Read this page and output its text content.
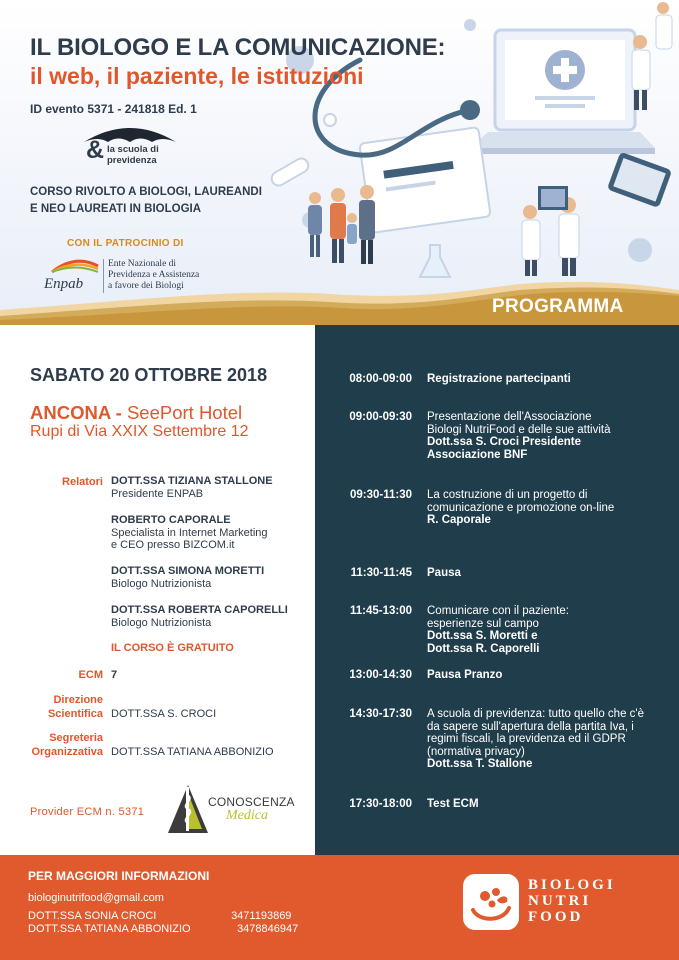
IL BIOLOGO E LA COMUNICAZIONE:
il web, il paziente, le istituzioni
ID evento 5371 - 241818 Ed. 1
& la scuola di previdenza
CORSO RIVOLTO A BIOLOGI, LAUREANDI
E NEO LAUREATI IN BIOLOGIA
CON IL PATROCINIO DI
Enpab
Ente Nazionale di
Previdenza e Assistenza
a favore dei Biologi
PROGRAMMA
SABATO 20 OTTOBRE 2018
ANCONA - SeePort Hotel
Rupi di Via XXIX Settembre 12
Relatori DOTT.SSA TIZIANA STALLONE
Presidente ENPAB
ROBERTO CAPORALE
Specialista in Internet Marketing
e CEO presso BIZCOM.it
DOTT.SSA SIMONA MORETTI
Biologo Nutrizionista
DOTT.SSA ROBERTA CAPORELLI
Biologo Nutrizionista
IL CORSO È GRATUITO
ECM 7
Direzione
Scientifica DOTT.SSA S. CROCI
Segreteria
Organizzativa DOTT.SSA TATIANA ABBONIZIO
Provider ECM n. 5371
CONOSCENZA
Medica
08:00-09:00 Registrazione partecipanti
09:00-09:30 Presentazione dell'Associazione Biologi NutriFood e delle sue attività
Dott.ssa S. Croci Presidente Associazione BNF
09:30-11:30 La costruzione di un progetto di comunicazione e promozione on-line
R. Caporale
11:30-11:45 Pausa
11:45-13:00 Comunicare con il paziente: esperienze sul campo
Dott.ssa S. Moretti e Dott.ssa R. Caporelli
13:00-14:30 Pausa Pranzo
14:30-17:30 A scuola di previdenza: tutto quello che c'è da sapere sull'apertura della partita Iva, i regimi fiscali, la previdenza ed il GDPR (normativa privacy)
Dott.ssa T. Stallone
17:30-18:00 Test ECM
PER MAGGIORI INFORMAZIONI
biologinutrifood@gmail.com
DOTT.SSA SONIA CROCI	3471193869
DOTT.SSA TATIANA ABBONIZIO	3478846947
BIOLOGI
NUTRI
FOOD
